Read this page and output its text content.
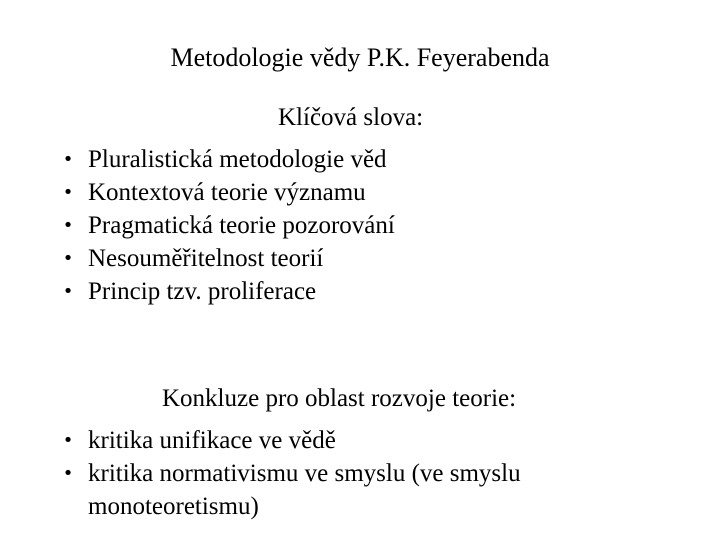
Metodologie vědy P.K. Feyerabenda
Klíčová slova:
• Pluralistická metodologie věd
• Kontextová teorie významu
• Pragmatická teorie pozorování
• Nesouměřitelnost teorií
• Princip tzv. proliferace
Konkluze pro oblast rozvoje teorie:
• kritika unifikace ve vědě
• kritika normativismu ve smyslu (ve smyslu monoteoretismu)
